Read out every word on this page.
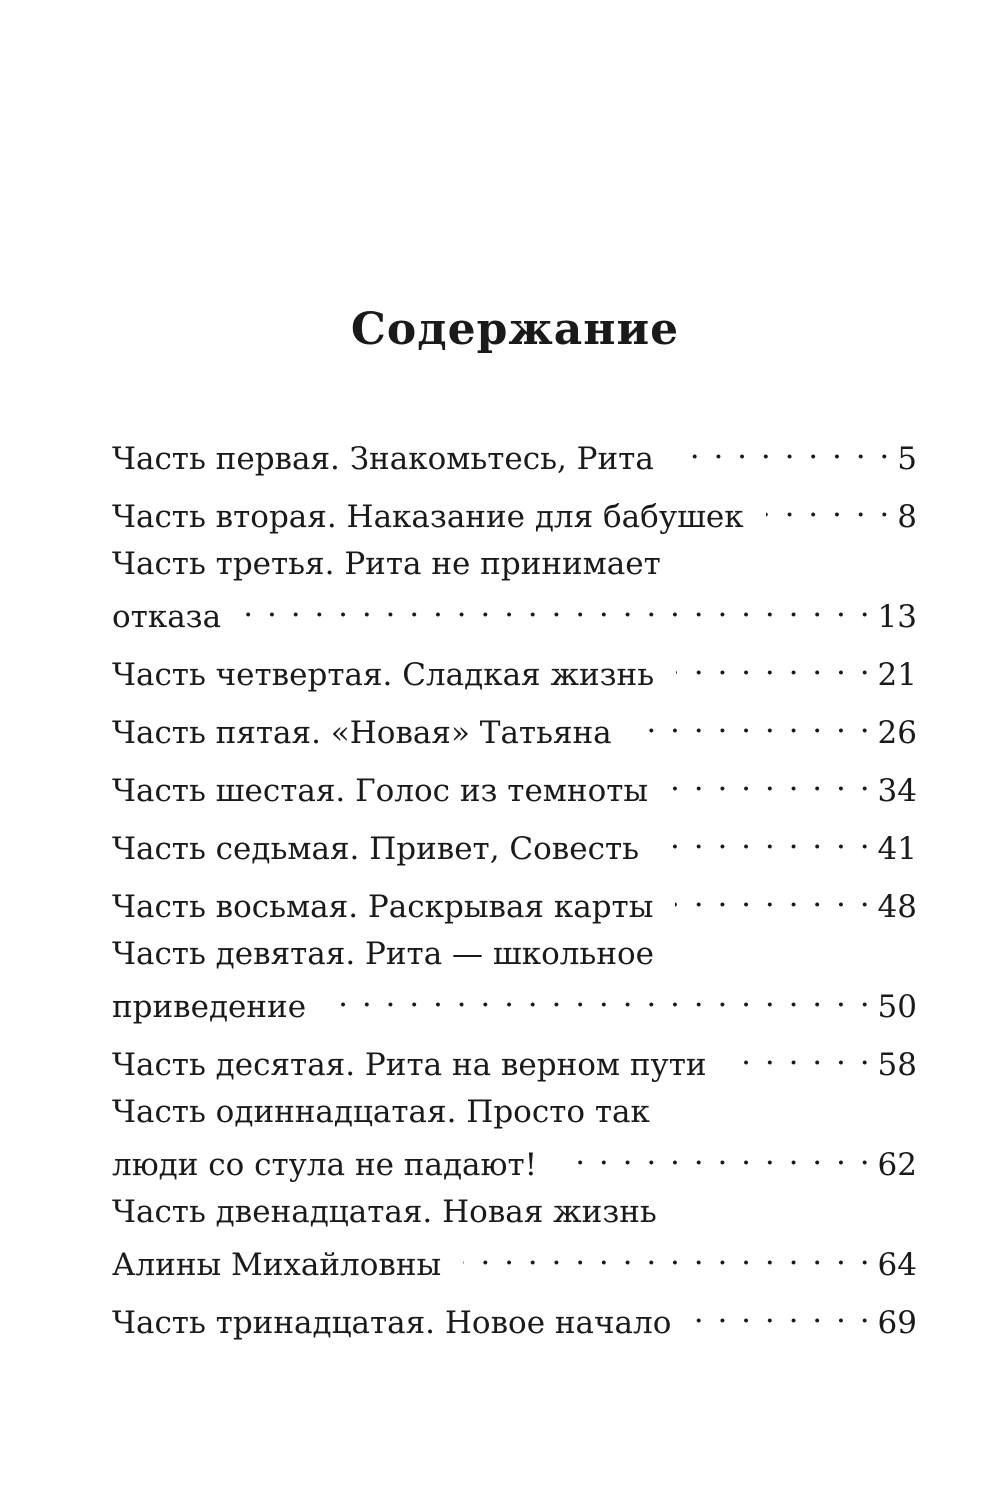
Содержание
Часть первая. Знакомьтесь, Рита . . .	5
Часть вторая. Наказание для бабушек . . .	8
Часть третья. Рита не принимает
отказа . . .	13
Часть четвертая. Сладкая жизнь . . .	21
Часть пятая. «Новая» Татьяна . . .	26
Часть шестая. Голос из темноты . . .	34
Часть седьмая. Привет, Совесть . . .	41
Часть восьмая. Раскрывая карты . . .	48
Часть девятая. Рита — школьное
приведение . . .	50
Часть десятая. Рита на верном пути . . .	58
Часть одиннадцатая. Просто так
люди со стула не падают! . . .	62
Часть двенадцатая. Новая жизнь
Алины Михайловны . . .	64
Часть тринадцатая. Новое начало . . .	69
